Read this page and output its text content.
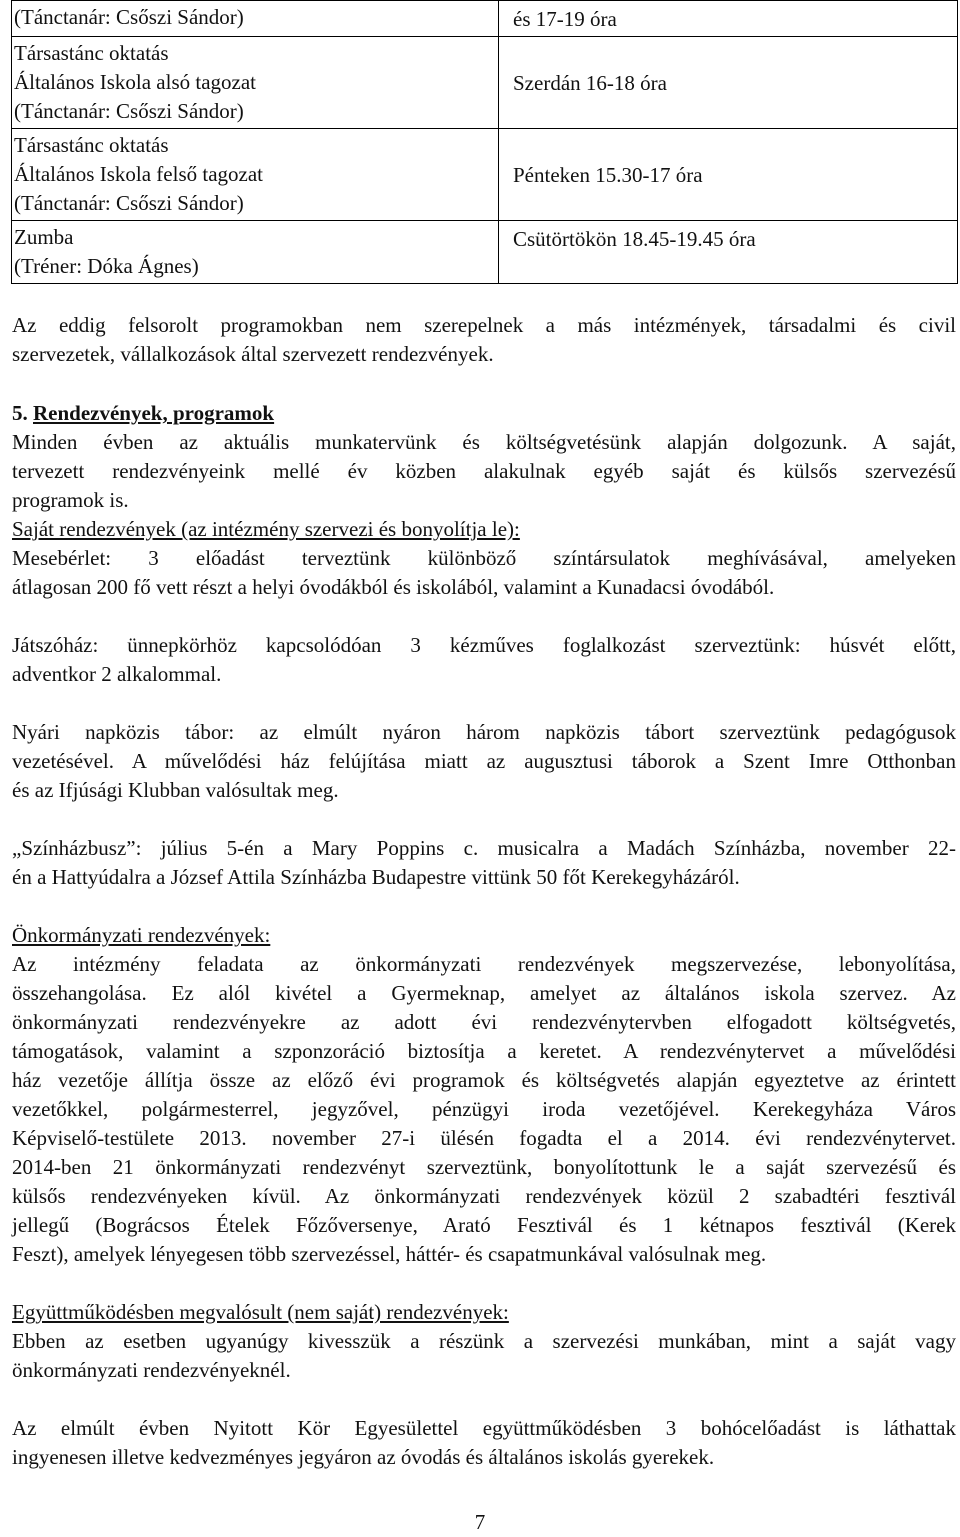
(Tánctanár: Csőszi Sándor)	és 17-19 óra

Társastánc oktatás
Általános Iskola alsó tagozat
(Tánctanár: Csőszi Sándor)	Szerdán 16-18 óra

Társastánc oktatás
Általános Iskola felső tagozat
(Tánctanár: Csőszi Sándor)	Pénteken 15.30-17 óra

Zumba
(Tréner: Dóka Ágnes)	Csütörtökön 18.45-19.45 óra

Az eddig felsorolt programokban nem szerepelnek a más intézmények, társadalmi és civil

szervezetek, vállalkozások által szervezett rendezvények.

5. Rendezvények, programok

Minden évben az aktuális munkatervünk és költségvetésünk alapján dolgozunk. A saját,

tervezett rendezvényeink mellé év közben alakulnak egyéb saját és külsős szervezésű

programok is.

Saját rendezvények (az intézmény szervezi és bonyolítja le):

Mesebérlet: 3 előadást terveztünk különböző színtársulatok meghívásával, amelyeken

átlagosan 200 fő vett részt a helyi óvodákból és iskolából, valamint a Kunadacsi óvodából.

Játszóház: ünnepkörhöz kapcsolódóan 3 kézműves foglalkozást szerveztünk: húsvét előtt,

adventkor 2 alkalommal.

Nyári napközis tábor: az elmúlt nyáron három napközis tábort szerveztünk pedagógusok

vezetésével. A művelődési ház felújítása miatt az augusztusi táborok a Szent Imre Otthonban

és az Ifjúsági Klubban valósultak meg.

„Színházbusz”: július 5-én a Mary Poppins c. musicalra a Madách Színházba, november 22-

én a Hattyúdalra a József Attila Színházba Budapestre vittünk 50 főt Kerekegyházáról.

Önkormányzati rendezvények:

Az intézmény feladata az önkormányzati rendezvények megszervezése, lebonyolítása,

összehangolása. Ez alól kivétel a Gyermeknap, amelyet az általános iskola szervez. Az

önkormányzati rendezvényekre az adott évi rendezvénytervben elfogadott költségvetés,

támogatások, valamint a szponzoráció biztosítja a keretet. A rendezvénytervet a művelődési

ház vezetője állítja össze az előző évi programok és költségvetés alapján egyeztetve az érintett

vezetőkkel, polgármesterrel, jegyzővel, pénzügyi iroda vezetőjével. Kerekegyháza Város

Képviselő-testülete 2013. november 27-i ülésén fogadta el a 2014. évi rendezvénytervet.

2014-ben 21 önkormányzati rendezvényt szerveztünk, bonyolítottunk le a saját szervezésű és

külsős rendezvényeken kívül. Az önkormányzati rendezvények közül 2 szabadtéri fesztivál

jellegű (Bográcsos Ételek Főzőversenye, Arató Fesztivál és 1 kétnapos fesztivál (Kerek

Feszt), amelyek lényegesen több szervezéssel, háttér- és csapatmunkával valósulnak meg.

Együttműködésben megvalósult (nem saját) rendezvények:

Ebben az esetben ugyanúgy kivesszük a részünk a szervezési munkában, mint a saját vagy

önkormányzati rendezvényeknél.

Az elmúlt évben Nyitott Kör Egyesülettel együttműködésben 3 bohócelőadást is láthattak

ingyenesen illetve kedvezményes jegyáron az óvodás és általános iskolás gyerekek.

7
